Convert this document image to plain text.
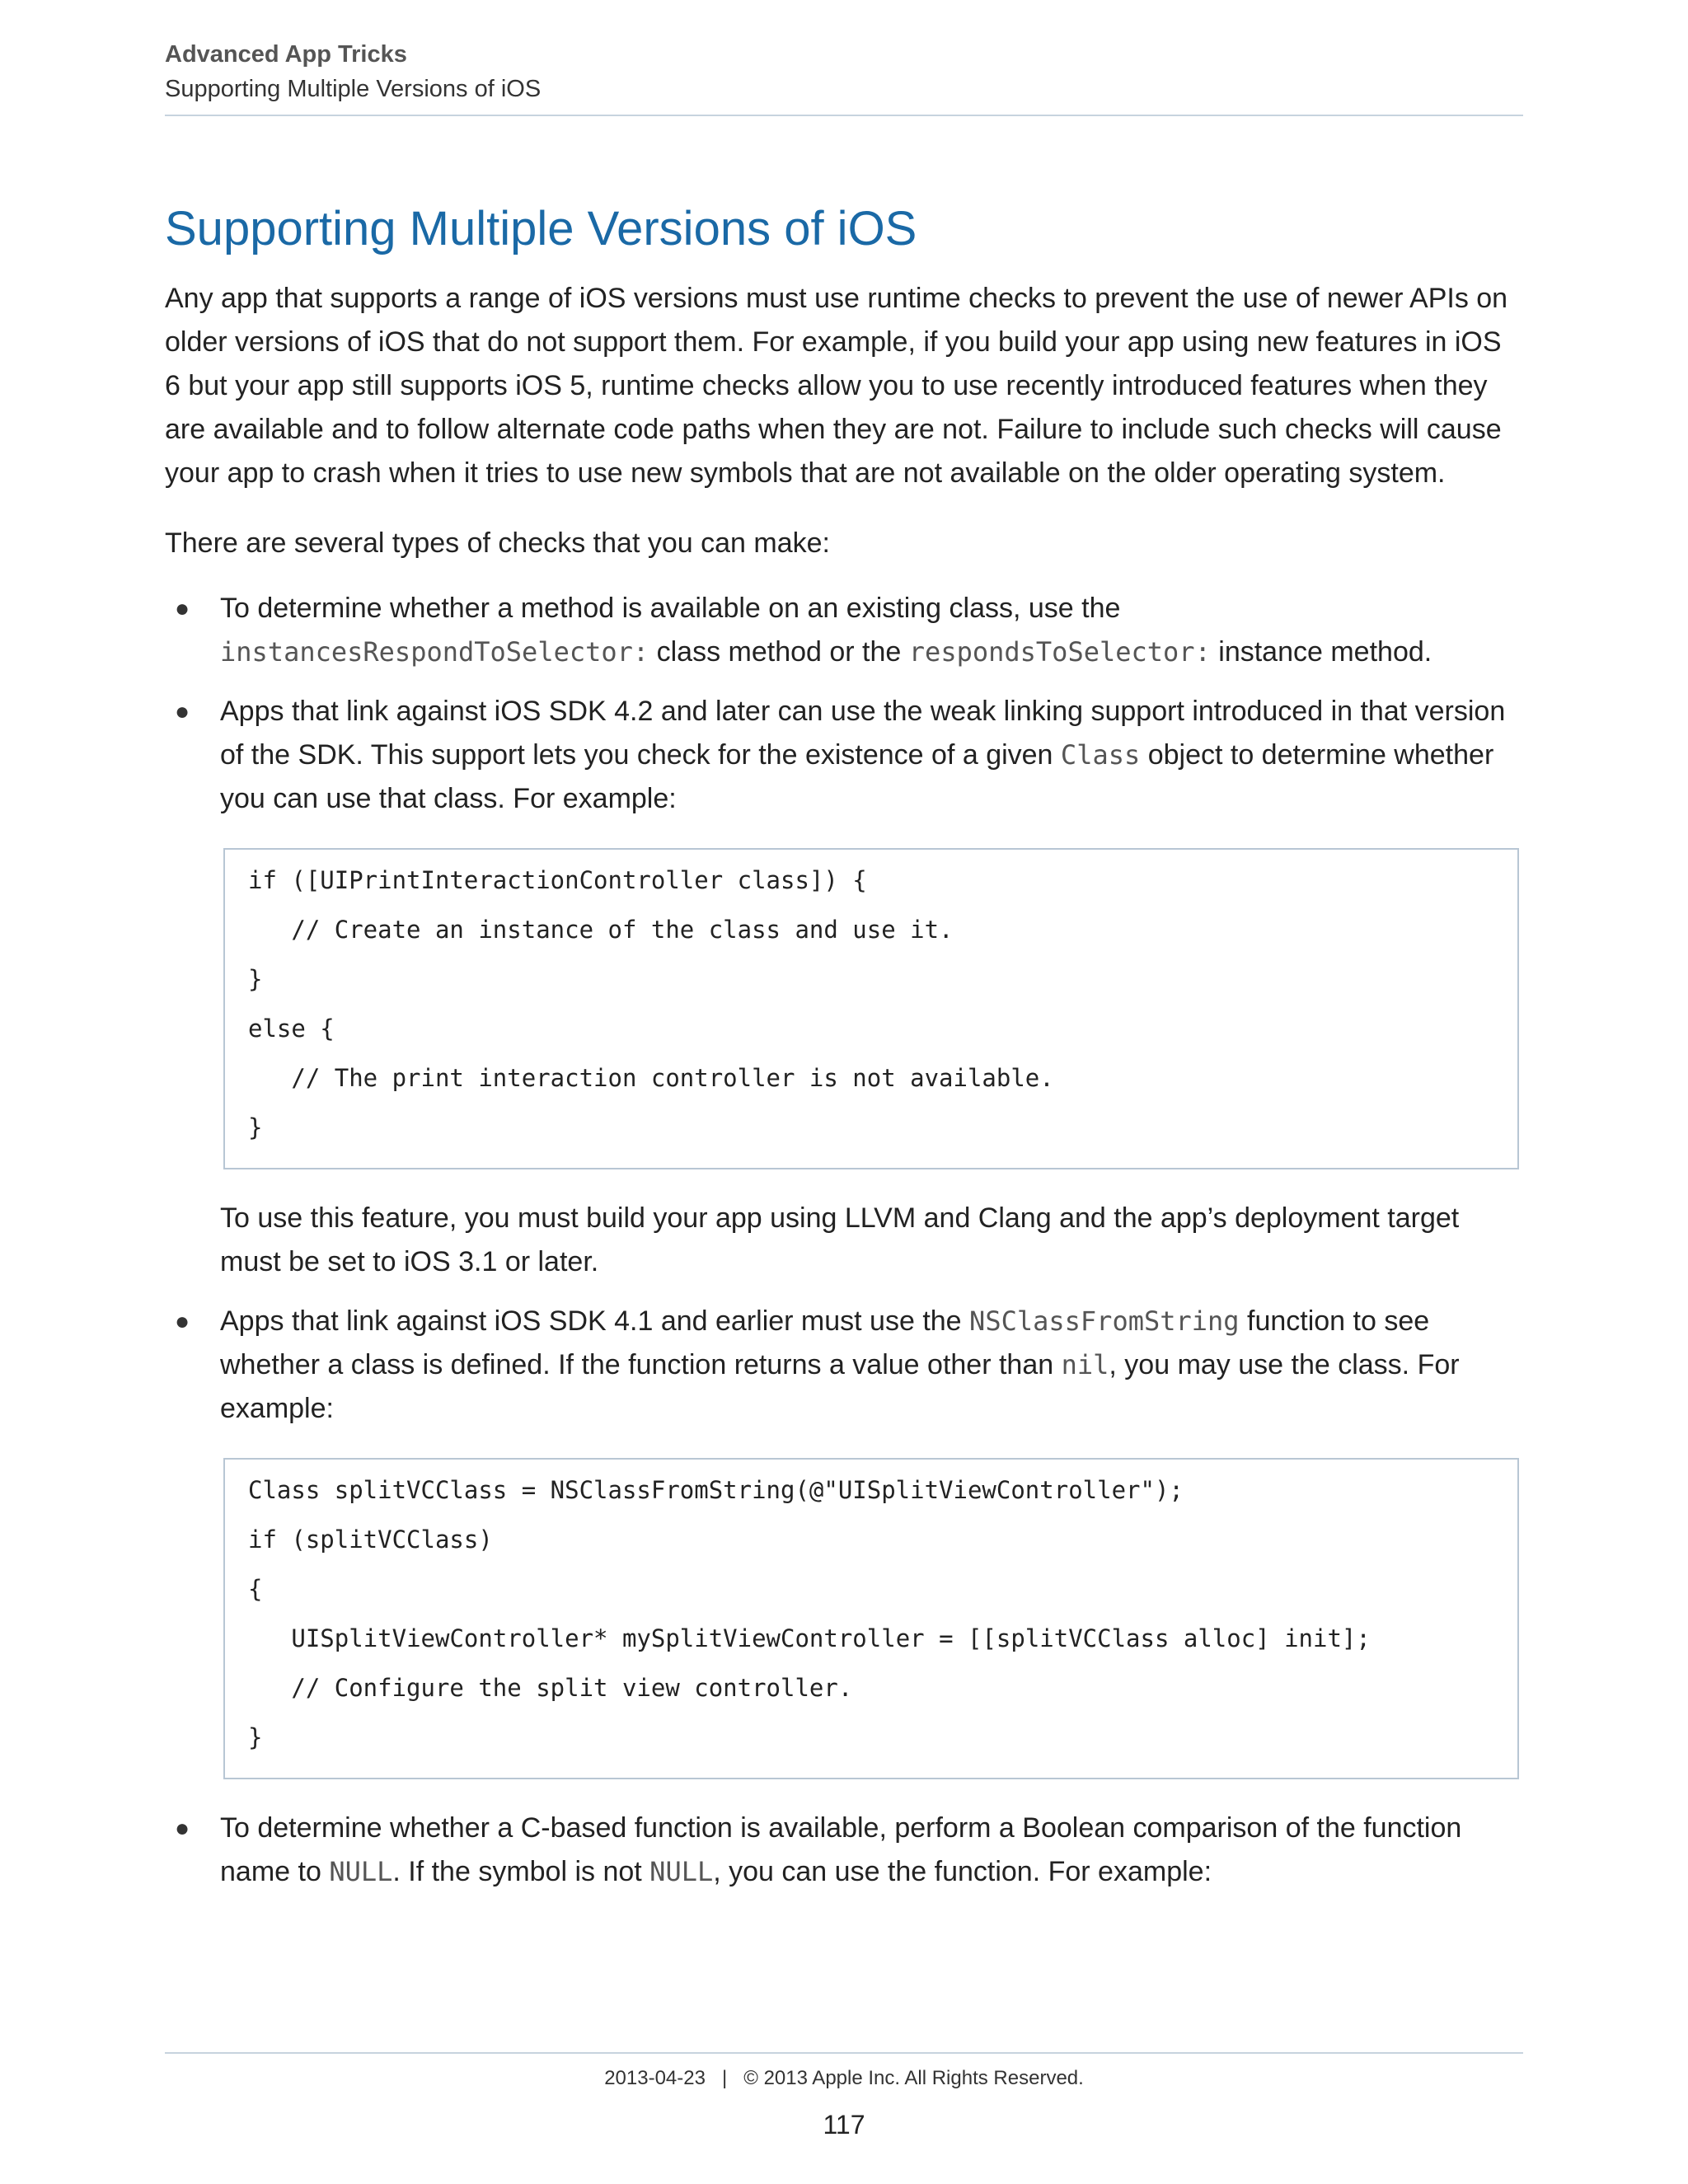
Advanced App Tricks
Supporting Multiple Versions of iOS
Supporting Multiple Versions of iOS

Any app that supports a range of iOS versions must use runtime checks to prevent the use of newer APIs on older versions of iOS that do not support them. For example, if you build your app using new features in iOS 6 but your app still supports iOS 5, runtime checks allow you to use recently introduced features when they are available and to follow alternate code paths when they are not. Failure to include such checks will cause your app to crash when it tries to use new symbols that are not available on the older operating system.

There are several types of checks that you can make:

● To determine whether a method is available on an existing class, use the instancesRespondToSelector: class method or the respondsToSelector: instance method.
● Apps that link against iOS SDK 4.2 and later can use the weak linking support introduced in that version of the SDK. This support lets you check for the existence of a given Class object to determine whether you can use that class. For example:
if ([UIPrintInteractionController class]) {
// Create an instance of the class and use it.
}
else {
// The print interaction controller is not available.
}

To use this feature, you must build your app using LLVM and Clang and the app’s deployment target must be set to iOS 3.1 or later.

● Apps that link against iOS SDK 4.1 and earlier must use the NSClassFromString function to see whether a class is defined. If the function returns a value other than nil, you may use the class. For example:
Class splitVCClass = NSClassFromString(@"UISplitViewController");
if (splitVCClass)
{
UISplitViewController* mySplitViewController = [[splitVCClass alloc] init];
// Configure the split view controller.
}
● To determine whether a C-based function is available, perform a Boolean comparison of the function name to NULL. If the symbol is not NULL, you can use the function. For example:
2013-04-23 | © 2013 Apple Inc. All Rights Reserved.
117
